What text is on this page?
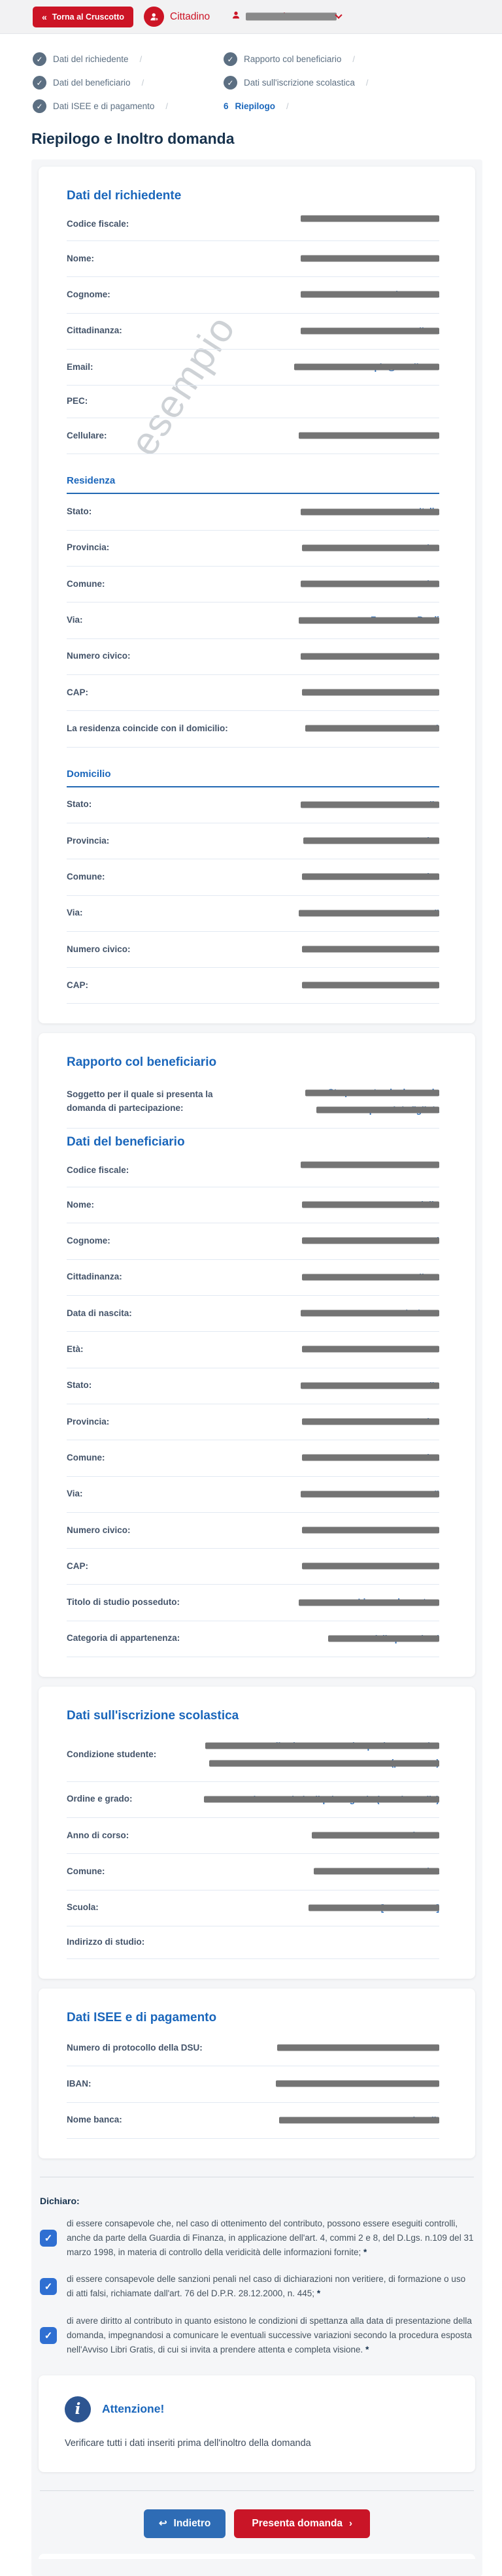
« Torna al Cruscotto	Cittadino
✓	Dati del richiedente /	✓	Rapporto col beneficiario /
✓	Dati del beneficiario /	✓	Dati sull'iscrizione scolastica /
✓	Dati ISEE e di pagamento /	6 Riepilogo /
Riepilogo e Inoltro domanda
esempio
Dati del richiedente
Codice fiscale:
Nome:
Cognome:
Cittadinanza:
Email:
PEC:
Cellulare:
Residenza
Stato:
Provincia:
Comune:
Via:
Numero civico:
CAP:
La residenza coincide con il domicilio:
Domicilio
Stato:
Provincia:
Comune:
Via:
Numero civico:
CAP:
Rapporto col beneficiario
Soggetto per il quale si presenta la domanda di partecipazione:
Dati del beneficiario
Codice fiscale:
Nome:
Cognome:
Cittadinanza:
Data di nascita:
Età:
Stato:
Provincia:
Comune:
Via:
Numero civico:
CAP:
Titolo di studio posseduto:
Categoria di appartenenza:
Dati sull'iscrizione scolastica
Condizione studente:
Ordine e grado:
Anno di corso:
Comune:
Scuola:
Indirizzo di studio:
Dati ISEE e di pagamento
Numero di protocollo della DSU:
IBAN:
Nome banca:

Dichiaro:

✓

di essere consapevole che, nel caso di ottenimento del contributo, possono essere eseguiti controlli, anche da parte della Guardia di Finanza, in applicazione dell'art. 4, commi 2 e 8, del D.Lgs. n.109 del 31 marzo 1998, in materia di controllo della veridicità delle informazioni fornite; *

✓

di essere consapevole delle sanzioni penali nel caso di dichiarazioni non veritiere, di formazione o uso di atti falsi, richiamate dall'art. 76 del D.P.R. 28.12.2000, n. 445; *

✓

di avere diritto al contributo in quanto esistono le condizioni di spettanza alla data di presentazione della domanda, impegnandosi a comunicare le eventuali successive variazioni secondo la procedura esposta nell'Avviso Libri Gratis, di cui si invita a prendere attenta e completa visione. *

i	Attenzione!

Verificare tutti i dati inseriti prima dell'inoltro della domanda

↩ Indietro	Presenta domanda ›
